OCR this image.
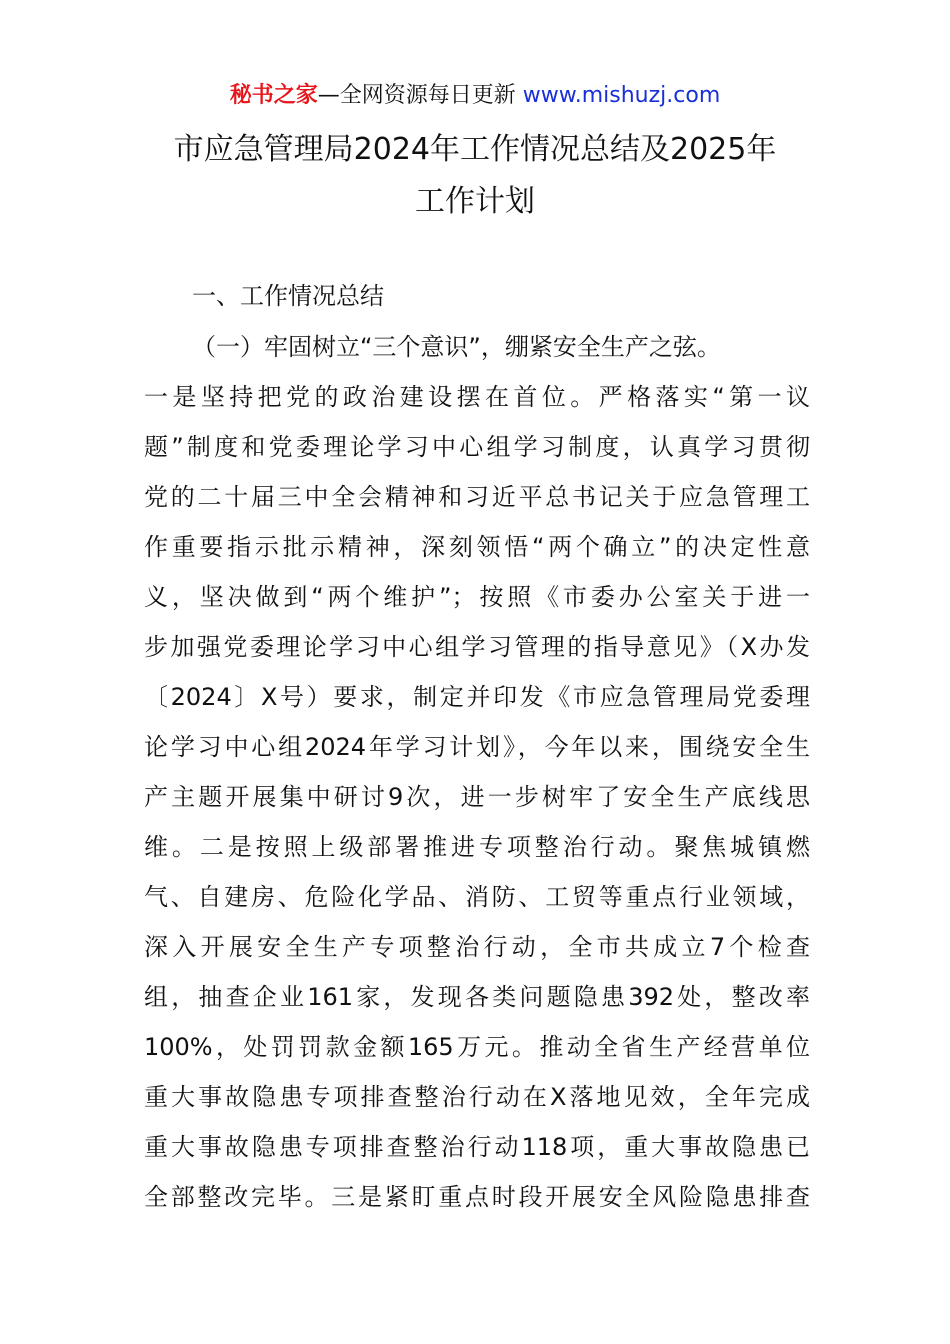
秘书之家—全网资源每日更新 www.mishuzj.com
市应急管理局2024年工作情况总结及2025年
工作计划
一、工作情况总结
（一）牢固树立“三个意识”，绷紧安全生产之弦。
一是坚持把党的政治建设摆在首位。严格落实“第一议
题”制度和党委理论学习中心组学习制度，认真学习贯彻
党的二十届三中全会精神和习近平总书记关于应急管理工
作重要指示批示精神，深刻领悟“两个确立”的决定性意
义，坚决做到“两个维护”；按照《市委办公室关于进一
步加强党委理论学习中心组学习管理的指导意见》（X办发
〔2024〕X号）要求，制定并印发《市应急管理局党委理
论学习中心组2024年学习计划》，今年以来，围绕安全生
产主题开展集中研讨9次，进一步树牢了安全生产底线思
维。二是按照上级部署推进专项整治行动。聚焦城镇燃
气、自建房、危险化学品、消防、工贸等重点行业领域，
深入开展安全生产专项整治行动，全市共成立7个检查
组，抽查企业161家，发现各类问题隐患392处，整改率
100%，处罚罚款金额165万元。推动全省生产经营单位
重大事故隐患专项排查整治行动在X落地见效，全年完成
重大事故隐患专项排查整治行动118项，重大事故隐患已
全部整改完毕。三是紧盯重点时段开展安全风险隐患排查
